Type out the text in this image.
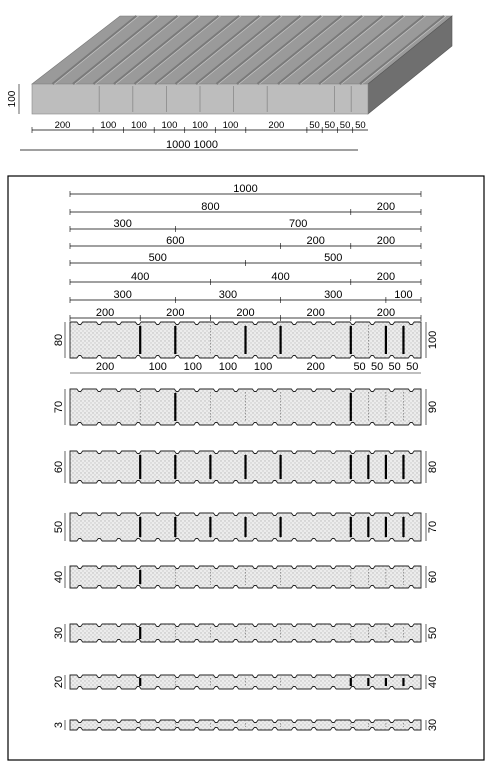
100
200	100 100 100 100 100	200	50 50 50 50
1000 1000
1000
800	200
300	700
600	200	200
500	500
400	400	200
300	300	300	100
200	200	200	200	200
200	100 100 100 100	200	50 50 50 50
80	100
70	90
60	80
50	70
40	60
30	50
20	40
3	30
